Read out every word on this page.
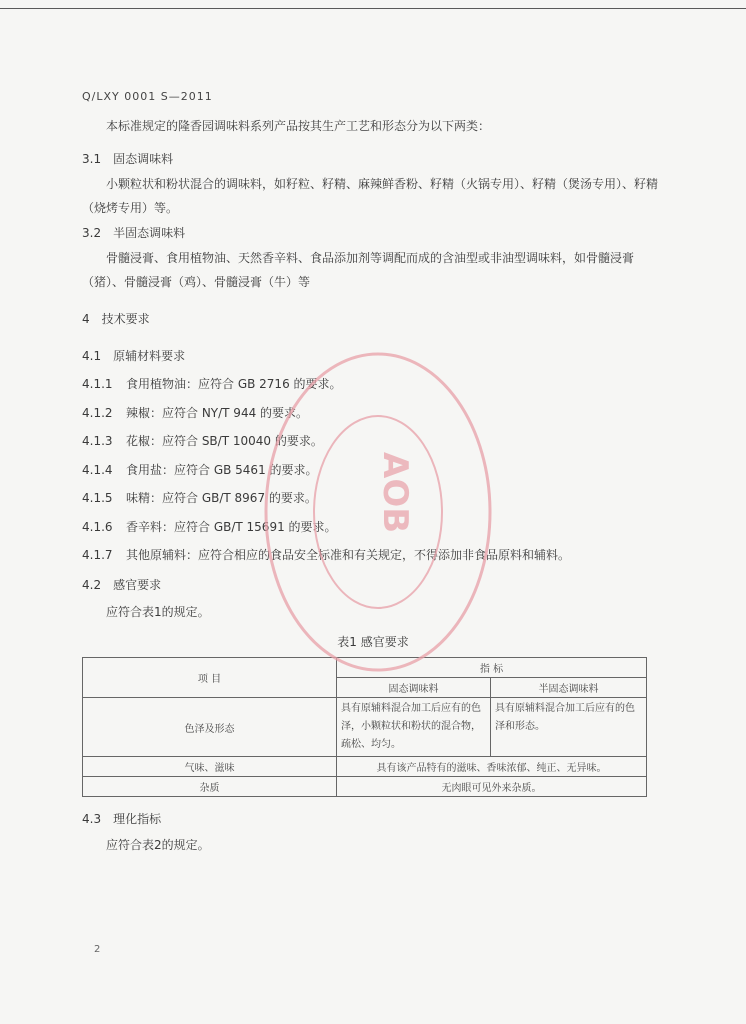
Q/LXY 0001 S—2011
本标准规定的隆香园调味料系列产品按其生产工艺和形态分为以下两类：
3.1 固态调味料
小颗粒状和粉状混合的调味料，如籽粒、籽精、麻辣鲜香粉、籽精（火锅专用）、籽精（煲汤专用）、籽精（烧烤专用）等。
3.2 半固态调味料
骨髓浸膏、食用植物油、天然香辛料、食品添加剂等调配而成的含油型或非油型调味料，如骨髓浸膏（猪）、骨髓浸膏（鸡）、骨髓浸膏（牛）等
4 技术要求
4.1 原辅材料要求
4.1.1 食用植物油：应符合 GB 2716 的要求。
4.1.2 辣椒：应符合 NY/T 944 的要求。
4.1.3 花椒：应符合 SB/T 10040 的要求。
4.1.4 食用盐：应符合 GB 5461 的要求。
4.1.5 味精：应符合 GB/T 8967 的要求。
4.1.6 香辛料：应符合 GB/T 15691 的要求。
4.1.7 其他原辅料：应符合相应的食品安全标准和有关规定，不得添加非食品原料和辅料。
4.2 感官要求
应符合表1的规定。
表1 感官要求
项 目	指 标	
	固态调味料	半固态调味料
色泽及形态	具有原辅料混合加工后应有的色泽，小颗粒状和粉状的混合物，疏松、均匀。	具有原辅料混合加工后应有的色泽和形态。
气味、滋味	具有该产品特有的滋味、香味浓郁、纯正、无异味。	
杂质	无肉眼可见外来杂质。	
4.3 理化指标
应符合表2的规定。
2
AOB
